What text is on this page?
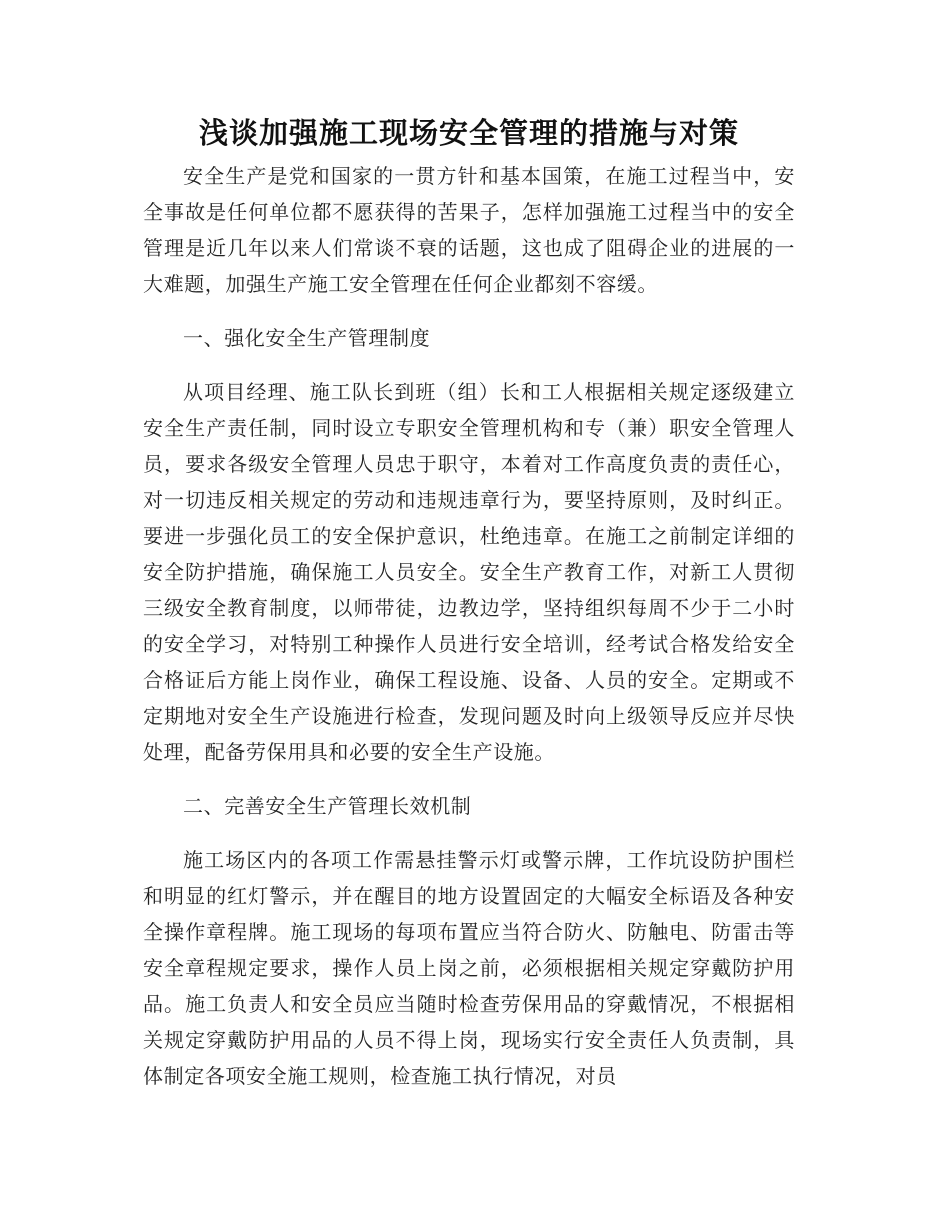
浅谈加强施工现场安全管理的措施与对策

安全生产是党和国家的一贯方针和基本国策，在施工过程当中，安全事故是任何单位都不愿获得的苦果子，怎样加强施工过程当中的安全管理是近几年以来人们常谈不衰的话题，这也成了阻碍企业的进展的一大难题，加强生产施工安全管理在任何企业都刻不容缓。

一、强化安全生产管理制度

从项目经理、施工队长到班（组）长和工人根据相关规定逐级建立安全生产责任制，同时设立专职安全管理机构和专（兼）职安全管理人员，要求各级安全管理人员忠于职守，本着对工作高度负责的责任心，对一切违反相关规定的劳动和违规违章行为，要坚持原则，及时纠正。要进一步强化员工的安全保护意识，杜绝违章。在施工之前制定详细的安全防护措施，确保施工人员安全。安全生产教育工作，对新工人贯彻三级安全教育制度，以师带徒，边教边学，坚持组织每周不少于二小时的安全学习，对特别工种操作人员进行安全培训，经考试合格发给安全合格证后方能上岗作业，确保工程设施、设备、人员的安全。定期或不定期地对安全生产设施进行检查，发现问题及时向上级领导反应并尽快处理，配备劳保用具和必要的安全生产设施。

二、完善安全生产管理长效机制

施工场区内的各项工作需悬挂警示灯或警示牌，工作坑设防护围栏和明显的红灯警示，并在醒目的地方设置固定的大幅安全标语及各种安全操作章程牌。施工现场的每项布置应当符合防火、防触电、防雷击等安全章程规定要求，操作人员上岗之前，必须根据相关规定穿戴防护用品。施工负责人和安全员应当随时检查劳保用品的穿戴情况，不根据相关规定穿戴防护用品的人员不得上岗，现场实行安全责任人负责制，具体制定各项安全施工规则，检查施工执行情况，对员
